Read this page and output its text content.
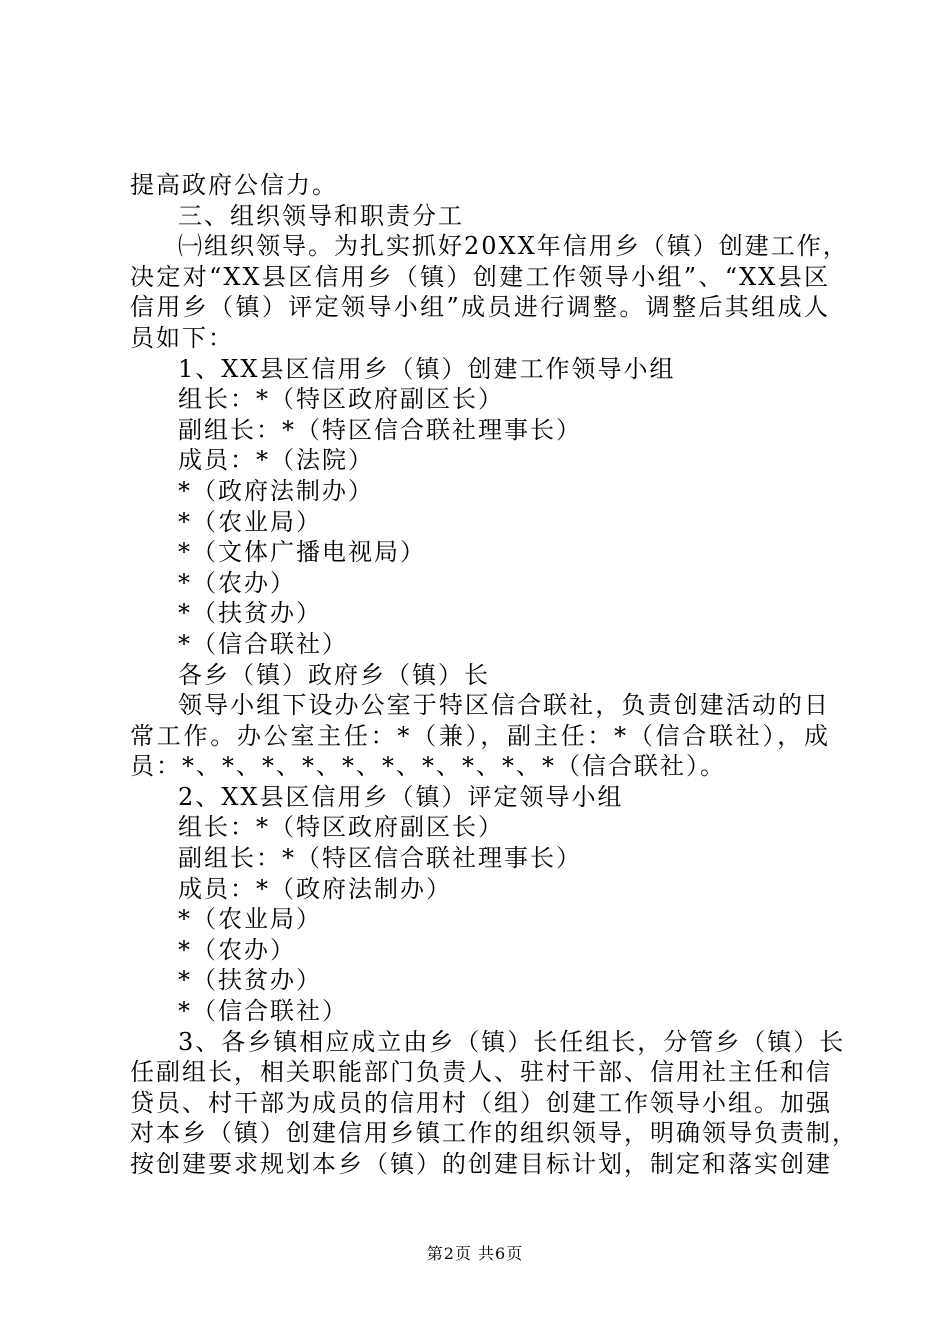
提高政府公信力。
三、组织领导和职责分工
㈠组织领导。为扎实抓好20XX年信用乡（镇）创建工作，
决定对“XX县区信用乡（镇）创建工作领导小组”、“XX县区
信用乡（镇）评定领导小组”成员进行调整。调整后其组成人
员如下：
1、XX县区信用乡（镇）创建工作领导小组
组长：*（特区政府副区长）
副组长：*（特区信合联社理事长）
成员：*（法院）
*（政府法制办）
*（农业局）
*（文体广播电视局）
*（农办）
*（扶贫办）
*（信合联社）
各乡（镇）政府乡（镇）长
领导小组下设办公室于特区信合联社，负责创建活动的日
常工作。办公室主任：*（兼），副主任：*（信合联社），成
员：*、*、*、*、*、*、*、*、*、*（信合联社）。
2、XX县区信用乡（镇）评定领导小组
组长：*（特区政府副区长）
副组长：*（特区信合联社理事长）
成员：*（政府法制办）
*（农业局）
*（农办）
*（扶贫办）
*（信合联社）
3、各乡镇相应成立由乡（镇）长任组长，分管乡（镇）长
任副组长，相关职能部门负责人、驻村干部、信用社主任和信
贷员、村干部为成员的信用村（组）创建工作领导小组。加强
对本乡（镇）创建信用乡镇工作的组织领导，明确领导负责制，
按创建要求规划本乡（镇）的创建目标计划，制定和落实创建
第2页 共6页
